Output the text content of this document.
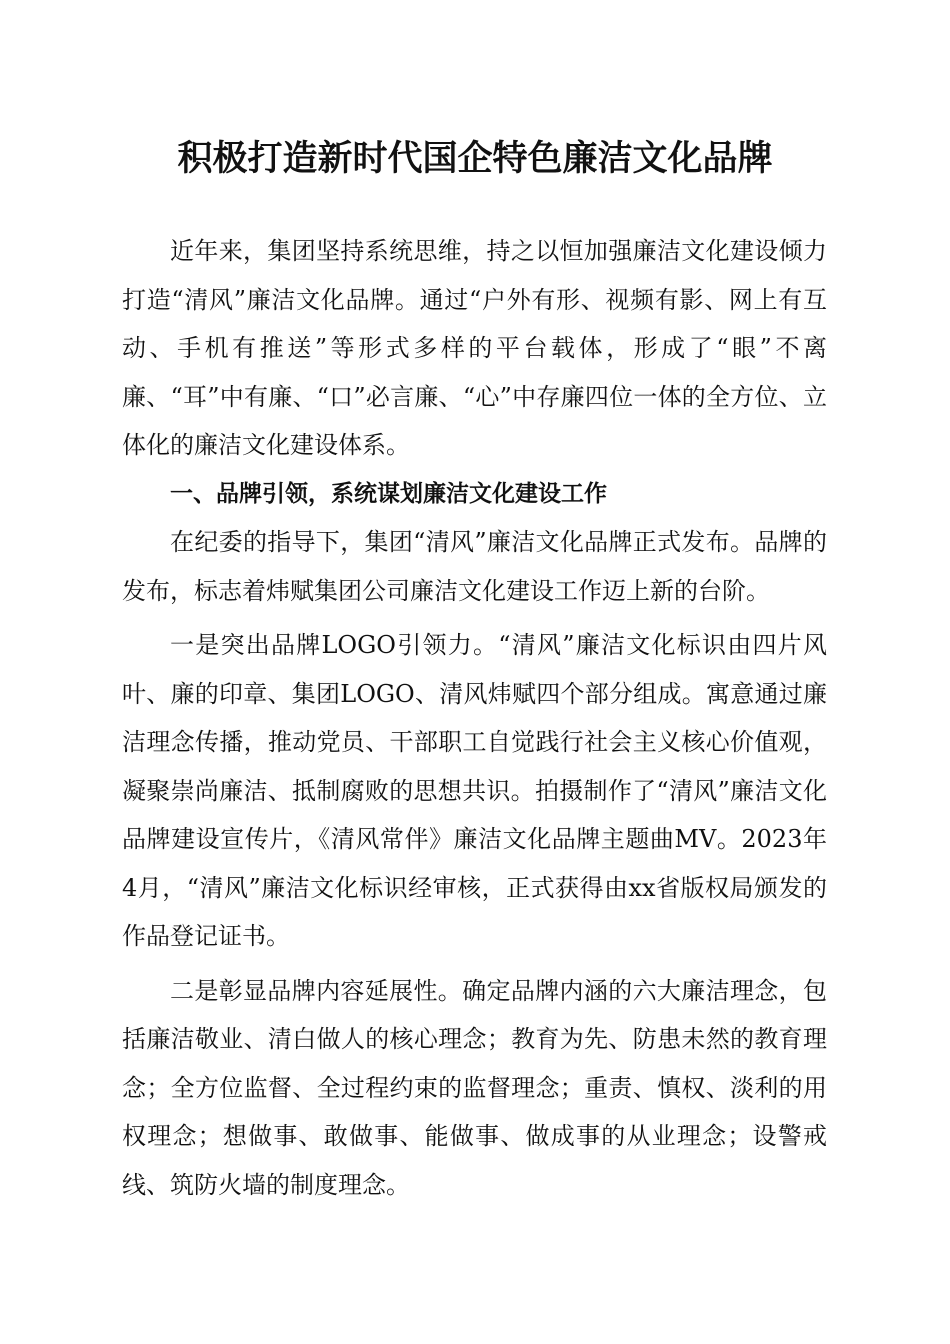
积极打造新时代国企特色廉洁文化品牌

近年来，集团坚持系统思维，持之以恒加强廉洁文化建设倾力打造“清风”廉洁文化品牌。通过“户外有形、视频有影、网上有互动、手机有推送”等形式多样的平台载体，形成了“眼”不离廉、“耳”中有廉、“口”必言廉、“心”中存廉四位一体的全方位、立体化的廉洁文化建设体系。

一、品牌引领，系统谋划廉洁文化建设工作

在纪委的指导下，集团“清风”廉洁文化品牌正式发布。品牌的发布，标志着炜赋集团公司廉洁文化建设工作迈上新的台阶。

一是突出品牌LOGO引领力。“清风”廉洁文化标识由四片风叶、廉的印章、集团LOGO、清风炜赋四个部分组成。寓意通过廉洁理念传播，推动党员、干部职工自觉践行社会主义核心价值观，凝聚崇尚廉洁、抵制腐败的思想共识。拍摄制作了“清风”廉洁文化品牌建设宣传片，《清风常伴》廉洁文化品牌主题曲MV。2023年4月，“清风”廉洁文化标识经审核，正式获得由xx省版权局颁发的作品登记证书。

二是彰显品牌内容延展性。确定品牌内涵的六大廉洁理念，包括廉洁敬业、清白做人的核心理念；教育为先、防患未然的教育理念；全方位监督、全过程约束的监督理念；重责、慎权、淡利的用权理念；想做事、敢做事、能做事、做成事的从业理念；设警戒线、筑防火墙的制度理念。
